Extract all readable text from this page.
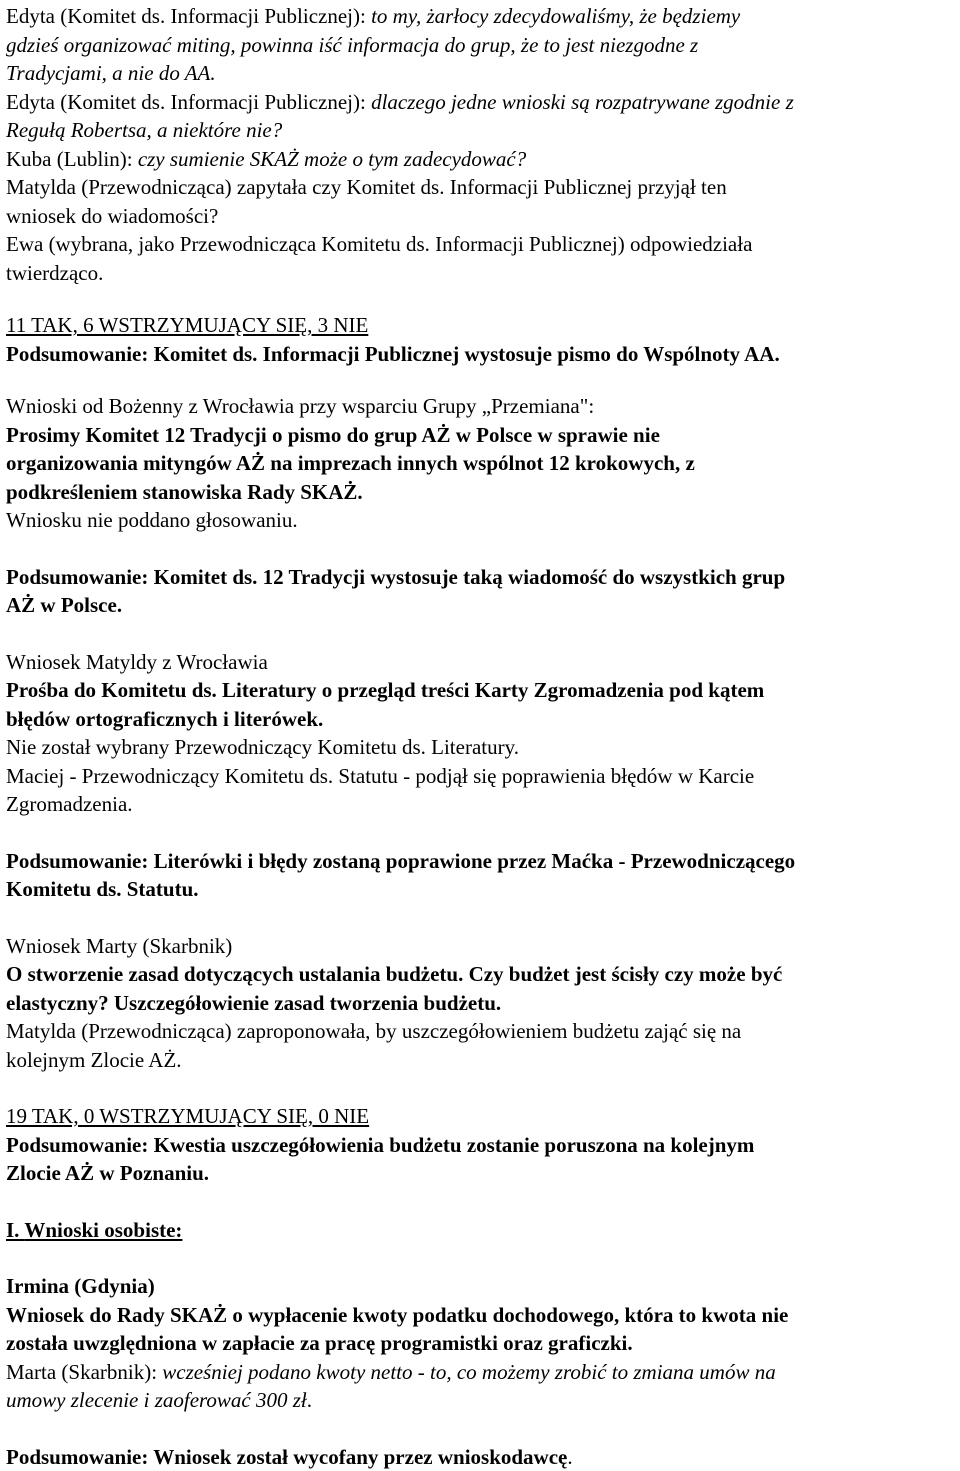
Edyta (Komitet ds. Informacji Publicznej): to my, żarłocy zdecydowaliśmy, że będziemy
gdzieś organizować miting, powinna iść informacja do grup, że to jest niezgodne z
Tradycjami, a nie do AA.
Edyta (Komitet ds. Informacji Publicznej): dlaczego jedne wnioski są rozpatrywane zgodnie z
Regułą Robertsa, a niektóre nie?
Kuba (Lublin): czy sumienie SKAŻ może o tym zadecydować?
Matylda (Przewodnicząca) zapytała czy Komitet ds. Informacji Publicznej przyjął ten
wniosek do wiadomości?
Ewa (wybrana, jako Przewodnicząca Komitetu ds. Informacji Publicznej) odpowiedziała
twierdząco.
11 TAK, 6 WSTRZYMUJĄCY SIĘ, 3 NIE
Podsumowanie: Komitet ds. Informacji Publicznej wystosuje pismo do Wspólnoty AA.
Wnioski od Bożenny z Wrocławia przy wsparciu Grupy „Przemiana":
Prosimy Komitet 12 Tradycji o pismo do grup AŻ w Polsce w sprawie nie
organizowania mityngów AŻ na imprezach innych wspólnot 12 krokowych, z
podkreśleniem stanowiska Rady SKAŻ.
Wniosku nie poddano głosowaniu.
Podsumowanie: Komitet ds. 12 Tradycji wystosuje taką wiadomość do wszystkich grup
AŻ w Polsce.
Wniosek Matyldy z Wrocławia
Prośba do Komitetu ds. Literatury o przegląd treści Karty Zgromadzenia pod kątem
błędów ortograficznych i literówek.
Nie został wybrany Przewodniczący Komitetu ds. Literatury.
Maciej - Przewodniczący Komitetu ds. Statutu - podjął się poprawienia błędów w Karcie
Zgromadzenia.
Podsumowanie: Literówki i błędy zostaną poprawione przez Maćka - Przewodniczącego
Komitetu ds. Statutu.
Wniosek Marty (Skarbnik)
O stworzenie zasad dotyczących ustalania budżetu. Czy budżet jest ścisły czy może być
elastyczny? Uszczegółowienie zasad tworzenia budżetu.
Matylda (Przewodnicząca) zaproponowała, by uszczegółowieniem budżetu zająć się na
kolejnym Zlocie AŻ.
19 TAK, 0 WSTRZYMUJĄCY SIĘ, 0 NIE
Podsumowanie: Kwestia uszczegółowienia budżetu zostanie poruszona na kolejnym
Zlocie AŻ w Poznaniu.
I. Wnioski osobiste:
Irmina (Gdynia)
Wniosek do Rady SKAŻ o wypłacenie kwoty podatku dochodowego, która to kwota nie
została uwzględniona w zapłacie za pracę programistki oraz graficzki.
Marta (Skarbnik): wcześniej podano kwoty netto - to, co możemy zrobić to zmiana umów na
umowy zlecenie i zaoferować 300 zł.
Podsumowanie: Wniosek został wycofany przez wnioskodawcę.
